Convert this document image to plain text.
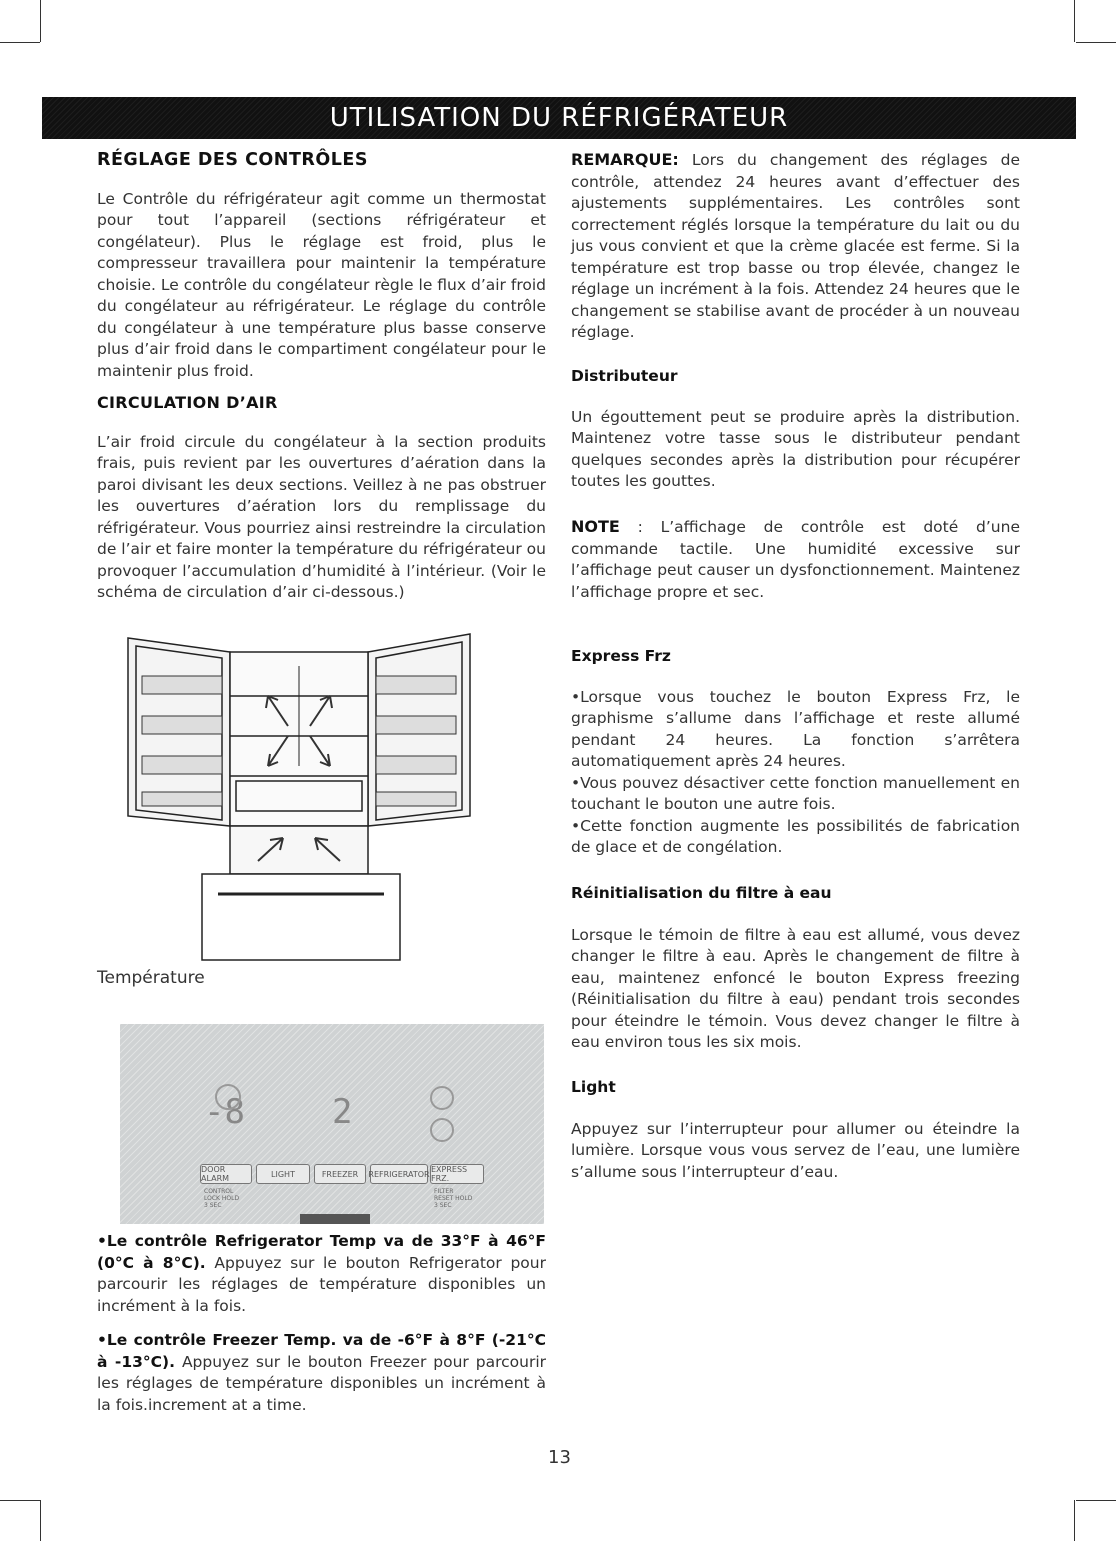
UTILISATION DU RÉFRIGÉRATEUR
RÉGLAGE DES CONTRÔLES

Le Contrôle du réfrigérateur agit comme un thermostat pour tout l’appareil (sections réfrigérateur et congélateur). Plus le réglage est froid, plus le compresseur travaillera pour maintenir la température choisie. Le contrôle du congélateur règle le flux d’air froid du congélateur au réfrigérateur. Le réglage du contrôle du congélateur à une température plus basse conserve plus d’air froid dans le compartiment congélateur pour le maintenir plus froid.

CIRCULATION D’AIR

L’air froid circule du congélateur à la section produits frais, puis revient par les ouvertures d’aération dans la paroi divisant les deux sections. Veillez à ne pas obstruer les ouvertures d’aération lors du remplissage du réfrigérateur. Vous pourriez ainsi restreindre la circulation de l’air et faire monter la température du réfrigérateur ou provoquer l’accumulation d’humidité à l’intérieur. (Voir le schéma de circulation d’air ci-dessous.)

Température
-8	2
DOOR ALARM	LIGHT	FREEZER	REFRIGERATOR EXPRESS FRZ.
CONTROL LOCK HOLD 3 SEC
FILTER RESET HOLD 3 SEC

•Le contrôle Refrigerator Temp va de 33°F à 46°F (0°C à 8°C). Appuyez sur le bouton Refrigerator pour parcourir les réglages de température disponibles un incrément à la fois.

•Le contrôle Freezer Temp. va de -6°F à 8°F (-21°C à -13°C). Appuyez sur le bouton Freezer pour parcourir les réglages de température disponibles un incrément à la fois.increment at a time.

REMARQUE: Lors du changement des réglages de contrôle, attendez 24 heures avant d’effectuer des ajustements supplémentaires. Les contrôles sont correctement réglés lorsque la température du lait ou du jus vous convient et que la crème glacée est ferme. Si la température est trop basse ou trop élevée, changez le réglage un incrément à la fois. Attendez 24 heures que le changement se stabilise avant de procéder à un nouveau réglage.

Distributeur

Un égouttement peut se produire après la distribution. Maintenez votre tasse sous le distributeur pendant quelques secondes après la distribution pour récupérer toutes les gouttes.

NOTE : L’affichage de contrôle est doté d’une commande tactile. Une humidité excessive sur l’affichage peut causer un dysfonctionnement. Maintenez l’affichage propre et sec.

Express Frz

•Lorsque vous touchez le bouton Express Frz, le graphisme s’allume dans l’affichage et reste allumé pendant 24 heures. La fonction s’arrêtera automatiquement après 24 heures.

•Vous pouvez désactiver cette fonction manuellement en touchant le bouton une autre fois.

•Cette fonction augmente les possibilités de fabrication de glace et de congélation.

Réinitialisation du filtre à eau

Lorsque le témoin de filtre à eau est allumé, vous devez changer le filtre à eau. Après le changement de filtre à eau, maintenez enfoncé le bouton Express freezing (Réinitialisation du filtre à eau) pendant trois secondes pour éteindre le témoin. Vous devez changer le filtre à eau environ tous les six mois.

Light

Appuyez sur l’interrupteur pour allumer ou éteindre la lumière. Lorsque vous vous servez de l’eau, une lumière s’allume sous l’interrupteur d’eau.

13
